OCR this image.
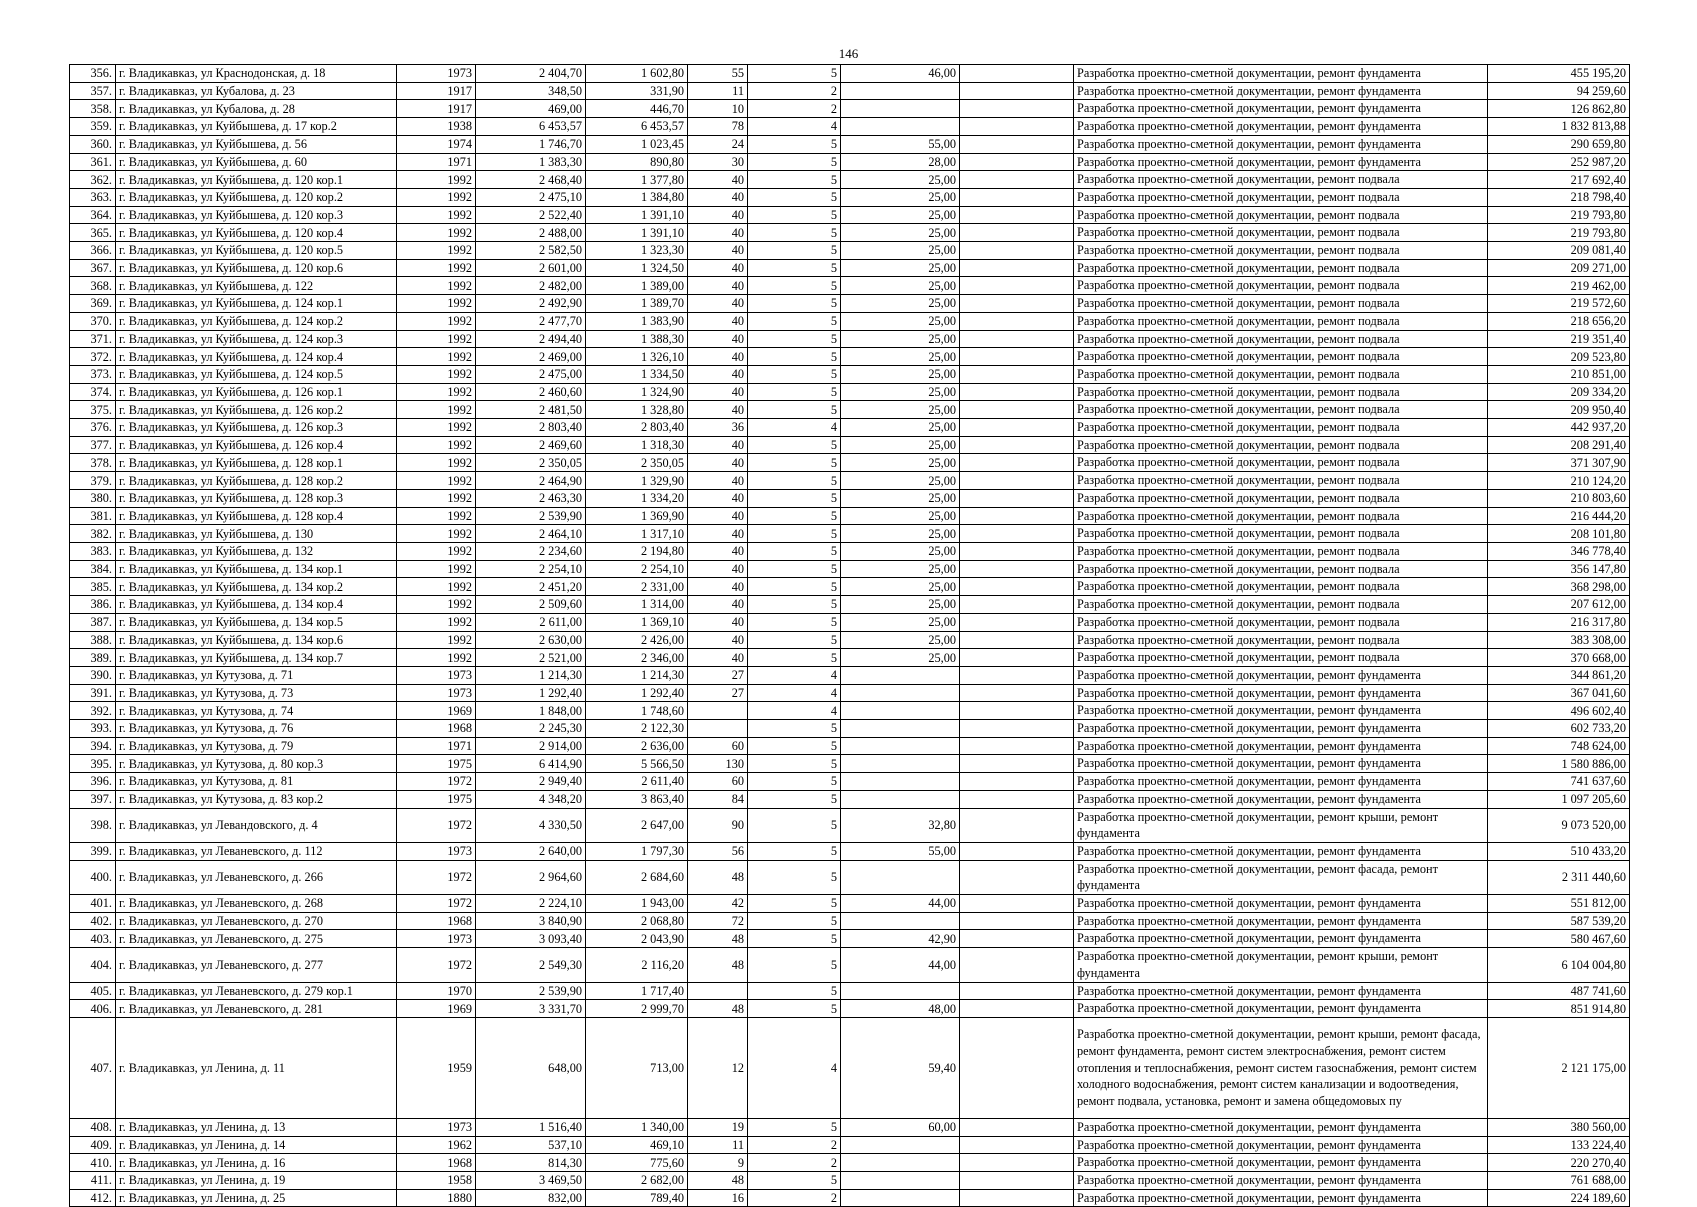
146
356.	г. Владикавказ, ул Краснодонская, д. 18	1973	2 404,70	1 602,80	55	5	46,00		Разработка проектно-сметной документации, ремонт фундамента	455 195,20
357.	г. Владикавказ, ул Кубалова, д. 23	1917	348,50	331,90	11	2			Разработка проектно-сметной документации, ремонт фундамента	94 259,60
358.	г. Владикавказ, ул Кубалова, д. 28	1917	469,00	446,70	10	2			Разработка проектно-сметной документации, ремонт фундамента	126 862,80
359.	г. Владикавказ, ул Куйбышева, д. 17 кор.2	1938	6 453,57	6 453,57	78	4			Разработка проектно-сметной документации, ремонт фундамента	1 832 813,88
360.	г. Владикавказ, ул Куйбышева, д. 56	1974	1 746,70	1 023,45	24	5	55,00		Разработка проектно-сметной документации, ремонт фундамента	290 659,80
361.	г. Владикавказ, ул Куйбышева, д. 60	1971	1 383,30	890,80	30	5	28,00		Разработка проектно-сметной документации, ремонт фундамента	252 987,20
362.	г. Владикавказ, ул Куйбышева, д. 120 кор.1	1992	2 468,40	1 377,80	40	5	25,00		Разработка проектно-сметной документации, ремонт подвала	217 692,40
363.	г. Владикавказ, ул Куйбышева, д. 120 кор.2	1992	2 475,10	1 384,80	40	5	25,00		Разработка проектно-сметной документации, ремонт подвала	218 798,40
364.	г. Владикавказ, ул Куйбышева, д. 120 кор.3	1992	2 522,40	1 391,10	40	5	25,00		Разработка проектно-сметной документации, ремонт подвала	219 793,80
365.	г. Владикавказ, ул Куйбышева, д. 120 кор.4	1992	2 488,00	1 391,10	40	5	25,00		Разработка проектно-сметной документации, ремонт подвала	219 793,80
366.	г. Владикавказ, ул Куйбышева, д. 120 кор.5	1992	2 582,50	1 323,30	40	5	25,00		Разработка проектно-сметной документации, ремонт подвала	209 081,40
367.	г. Владикавказ, ул Куйбышева, д. 120 кор.6	1992	2 601,00	1 324,50	40	5	25,00		Разработка проектно-сметной документации, ремонт подвала	209 271,00
368.	г. Владикавказ, ул Куйбышева, д. 122	1992	2 482,00	1 389,00	40	5	25,00		Разработка проектно-сметной документации, ремонт подвала	219 462,00
369.	г. Владикавказ, ул Куйбышева, д. 124 кор.1	1992	2 492,90	1 389,70	40	5	25,00		Разработка проектно-сметной документации, ремонт подвала	219 572,60
370.	г. Владикавказ, ул Куйбышева, д. 124 кор.2	1992	2 477,70	1 383,90	40	5	25,00		Разработка проектно-сметной документации, ремонт подвала	218 656,20
371.	г. Владикавказ, ул Куйбышева, д. 124 кор.3	1992	2 494,40	1 388,30	40	5	25,00		Разработка проектно-сметной документации, ремонт подвала	219 351,40
372.	г. Владикавказ, ул Куйбышева, д. 124 кор.4	1992	2 469,00	1 326,10	40	5	25,00		Разработка проектно-сметной документации, ремонт подвала	209 523,80
373.	г. Владикавказ, ул Куйбышева, д. 124 кор.5	1992	2 475,00	1 334,50	40	5	25,00		Разработка проектно-сметной документации, ремонт подвала	210 851,00
374.	г. Владикавказ, ул Куйбышева, д. 126 кор.1	1992	2 460,60	1 324,90	40	5	25,00		Разработка проектно-сметной документации, ремонт подвала	209 334,20
375.	г. Владикавказ, ул Куйбышева, д. 126 кор.2	1992	2 481,50	1 328,80	40	5	25,00		Разработка проектно-сметной документации, ремонт подвала	209 950,40
376.	г. Владикавказ, ул Куйбышева, д. 126 кор.3	1992	2 803,40	2 803,40	36	4	25,00		Разработка проектно-сметной документации, ремонт подвала	442 937,20
377.	г. Владикавказ, ул Куйбышева, д. 126 кор.4	1992	2 469,60	1 318,30	40	5	25,00		Разработка проектно-сметной документации, ремонт подвала	208 291,40
378.	г. Владикавказ, ул Куйбышева, д. 128 кор.1	1992	2 350,05	2 350,05	40	5	25,00		Разработка проектно-сметной документации, ремонт подвала	371 307,90
379.	г. Владикавказ, ул Куйбышева, д. 128 кор.2	1992	2 464,90	1 329,90	40	5	25,00		Разработка проектно-сметной документации, ремонт подвала	210 124,20
380.	г. Владикавказ, ул Куйбышева, д. 128 кор.3	1992	2 463,30	1 334,20	40	5	25,00		Разработка проектно-сметной документации, ремонт подвала	210 803,60
381.	г. Владикавказ, ул Куйбышева, д. 128 кор.4	1992	2 539,90	1 369,90	40	5	25,00		Разработка проектно-сметной документации, ремонт подвала	216 444,20
382.	г. Владикавказ, ул Куйбышева, д. 130	1992	2 464,10	1 317,10	40	5	25,00		Разработка проектно-сметной документации, ремонт подвала	208 101,80
383.	г. Владикавказ, ул Куйбышева, д. 132	1992	2 234,60	2 194,80	40	5	25,00		Разработка проектно-сметной документации, ремонт подвала	346 778,40
384.	г. Владикавказ, ул Куйбышева, д. 134 кор.1	1992	2 254,10	2 254,10	40	5	25,00		Разработка проектно-сметной документации, ремонт подвала	356 147,80
385.	г. Владикавказ, ул Куйбышева, д. 134 кор.2	1992	2 451,20	2 331,00	40	5	25,00		Разработка проектно-сметной документации, ремонт подвала	368 298,00
386.	г. Владикавказ, ул Куйбышева, д. 134 кор.4	1992	2 509,60	1 314,00	40	5	25,00		Разработка проектно-сметной документации, ремонт подвала	207 612,00
387.	г. Владикавказ, ул Куйбышева, д. 134 кор.5	1992	2 611,00	1 369,10	40	5	25,00		Разработка проектно-сметной документации, ремонт подвала	216 317,80
388.	г. Владикавказ, ул Куйбышева, д. 134 кор.6	1992	2 630,00	2 426,00	40	5	25,00		Разработка проектно-сметной документации, ремонт подвала	383 308,00
389.	г. Владикавказ, ул Куйбышева, д. 134 кор.7	1992	2 521,00	2 346,00	40	5	25,00		Разработка проектно-сметной документации, ремонт подвала	370 668,00
390.	г. Владикавказ, ул Кутузова, д. 71	1973	1 214,30	1 214,30	27	4			Разработка проектно-сметной документации, ремонт фундамента	344 861,20
391.	г. Владикавказ, ул Кутузова, д. 73	1973	1 292,40	1 292,40	27	4			Разработка проектно-сметной документации, ремонт фундамента	367 041,60
392.	г. Владикавказ, ул Кутузова, д. 74	1969	1 848,00	1 748,60		4			Разработка проектно-сметной документации, ремонт фундамента	496 602,40
393.	г. Владикавказ, ул Кутузова, д. 76	1968	2 245,30	2 122,30		5			Разработка проектно-сметной документации, ремонт фундамента	602 733,20
394.	г. Владикавказ, ул Кутузова, д. 79	1971	2 914,00	2 636,00	60	5			Разработка проектно-сметной документации, ремонт фундамента	748 624,00
395.	г. Владикавказ, ул Кутузова, д. 80 кор.3	1975	6 414,90	5 566,50	130	5			Разработка проектно-сметной документации, ремонт фундамента	1 580 886,00
396.	г. Владикавказ, ул Кутузова, д. 81	1972	2 949,40	2 611,40	60	5			Разработка проектно-сметной документации, ремонт фундамента	741 637,60
397.	г. Владикавказ, ул Кутузова, д. 83 кор.2	1975	4 348,20	3 863,40	84	5			Разработка проектно-сметной документации, ремонт фундамента	1 097 205,60
398.	г. Владикавказ, ул Левандовского, д. 4	1972	4 330,50	2 647,00	90	5	32,80		Разработка проектно-сметной документации, ремонт крыши, ремонт фундамента	9 073 520,00
399.	г. Владикавказ, ул Леваневского, д. 112	1973	2 640,00	1 797,30	56	5	55,00		Разработка проектно-сметной документации, ремонт фундамента	510 433,20
400.	г. Владикавказ, ул Леваневского, д. 266	1972	2 964,60	2 684,60	48	5			Разработка проектно-сметной документации, ремонт фасада, ремонт фундамента	2 311 440,60
401.	г. Владикавказ, ул Леваневского, д. 268	1972	2 224,10	1 943,00	42	5	44,00		Разработка проектно-сметной документации, ремонт фундамента	551 812,00
402.	г. Владикавказ, ул Леваневского, д. 270	1968	3 840,90	2 068,80	72	5			Разработка проектно-сметной документации, ремонт фундамента	587 539,20
403.	г. Владикавказ, ул Леваневского, д. 275	1973	3 093,40	2 043,90	48	5	42,90		Разработка проектно-сметной документации, ремонт фундамента	580 467,60
404.	г. Владикавказ, ул Леваневского, д. 277	1972	2 549,30	2 116,20	48	5	44,00		Разработка проектно-сметной документации, ремонт крыши, ремонт фундамента	6 104 004,80
405.	г. Владикавказ, ул Леваневского, д. 279 кор.1	1970	2 539,90	1 717,40		5			Разработка проектно-сметной документации, ремонт фундамента	487 741,60
406.	г. Владикавказ, ул Леваневского, д. 281	1969	3 331,70	2 999,70	48	5	48,00		Разработка проектно-сметной документации, ремонт фундамента	851 914,80
407.	г. Владикавказ, ул Ленина, д. 11	1959	648,00	713,00	12	4	59,40		Разработка проектно-сметной документации, ремонт крыши, ремонт фасада, ремонт фундамента, ремонт систем электроснабжения, ремонт систем отопления и теплоснабжения, ремонт систем газоснабжения, ремонт систем холодного водоснабжения, ремонт систем канализации и водоотведения, ремонт подвала, установка, ремонт и замена общедомовых пу	2 121 175,00
408.	г. Владикавказ, ул Ленина, д. 13	1973	1 516,40	1 340,00	19	5	60,00		Разработка проектно-сметной документации, ремонт фундамента	380 560,00
409.	г. Владикавказ, ул Ленина, д. 14	1962	537,10	469,10	11	2			Разработка проектно-сметной документации, ремонт фундамента	133 224,40
410.	г. Владикавказ, ул Ленина, д. 16	1968	814,30	775,60	9	2			Разработка проектно-сметной документации, ремонт фундамента	220 270,40
411.	г. Владикавказ, ул Ленина, д. 19	1958	3 469,50	2 682,00	48	5			Разработка проектно-сметной документации, ремонт фундамента	761 688,00
412.	г. Владикавказ, ул Ленина, д. 25	1880	832,00	789,40	16	2			Разработка проектно-сметной документации, ремонт фундамента	224 189,60
